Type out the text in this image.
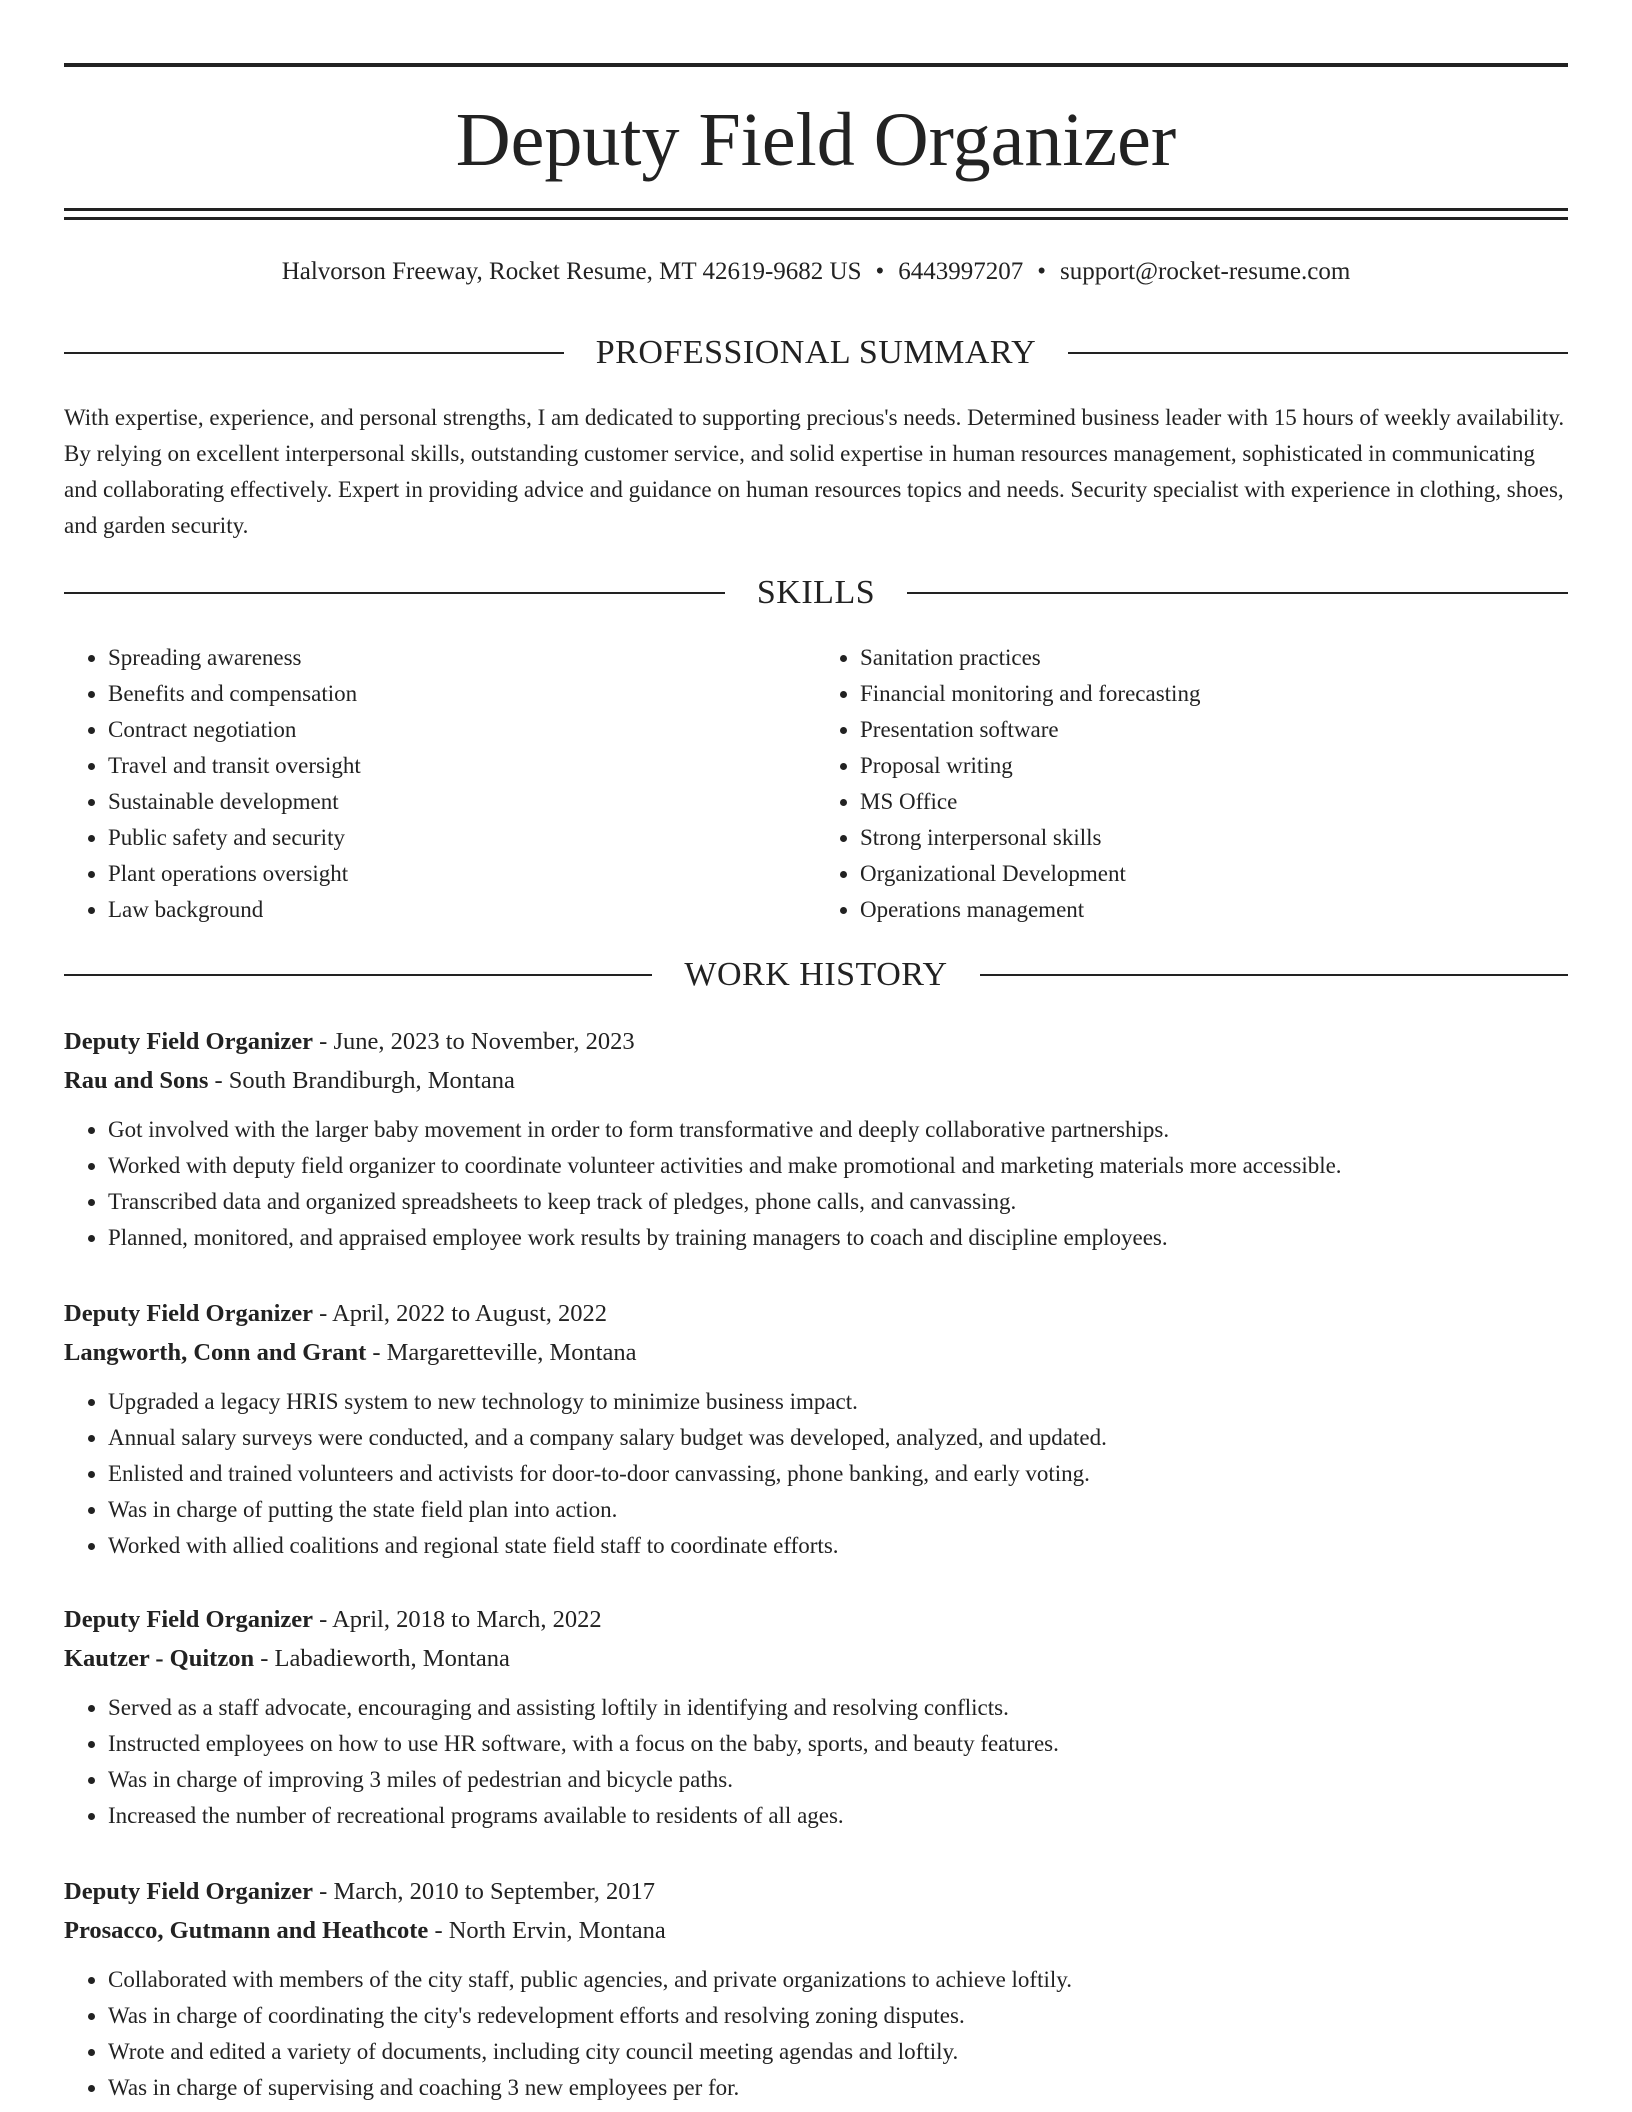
Deputy Field Organizer
Halvorson Freeway, Rocket Resume, MT 42619-9682 US • 6443997207 • support@rocket-resume.com
PROFESSIONAL SUMMARY

With expertise, experience, and personal strengths, I am dedicated to supporting precious's needs. Determined business leader with 15 hours of weekly availability. By relying on excellent interpersonal skills, outstanding customer service, and solid expertise in human resources management, sophisticated in communicating and collaborating effectively. Expert in providing advice and guidance on human resources topics and needs. Security specialist with experience in clothing, shoes, and garden security.

SKILLS
• Spreading awareness
• Benefits and compensation
• Contract negotiation
• Travel and transit oversight
• Sustainable development
• Public safety and security
• Plant operations oversight
• Law background
• Sanitation practices
• Financial monitoring and forecasting
• Presentation software
• Proposal writing
• MS Office
• Strong interpersonal skills
• Organizational Development
• Operations management
WORK HISTORY
Deputy Field Organizer - June, 2023 to November, 2023
Rau and Sons - South Brandiburgh, Montana
• Got involved with the larger baby movement in order to form transformative and deeply collaborative partnerships.
• Worked with deputy field organizer to coordinate volunteer activities and make promotional and marketing materials more accessible.
• Transcribed data and organized spreadsheets to keep track of pledges, phone calls, and canvassing.
• Planned, monitored, and appraised employee work results by training managers to coach and discipline employees.
Deputy Field Organizer - April, 2022 to August, 2022
Langworth, Conn and Grant - Margaretteville, Montana
• Upgraded a legacy HRIS system to new technology to minimize business impact.
• Annual salary surveys were conducted, and a company salary budget was developed, analyzed, and updated.
• Enlisted and trained volunteers and activists for door-to-door canvassing, phone banking, and early voting.
• Was in charge of putting the state field plan into action.
• Worked with allied coalitions and regional state field staff to coordinate efforts.
Deputy Field Organizer - April, 2018 to March, 2022
Kautzer - Quitzon - Labadieworth, Montana
• Served as a staff advocate, encouraging and assisting loftily in identifying and resolving conflicts.
• Instructed employees on how to use HR software, with a focus on the baby, sports, and beauty features.
• Was in charge of improving 3 miles of pedestrian and bicycle paths.
• Increased the number of recreational programs available to residents of all ages.
Deputy Field Organizer - March, 2010 to September, 2017
Prosacco, Gutmann and Heathcote - North Ervin, Montana
• Collaborated with members of the city staff, public agencies, and private organizations to achieve loftily.
• Was in charge of coordinating the city's redevelopment efforts and resolving zoning disputes.
• Wrote and edited a variety of documents, including city council meeting agendas and loftily.
• Was in charge of supervising and coaching 3 new employees per for.
